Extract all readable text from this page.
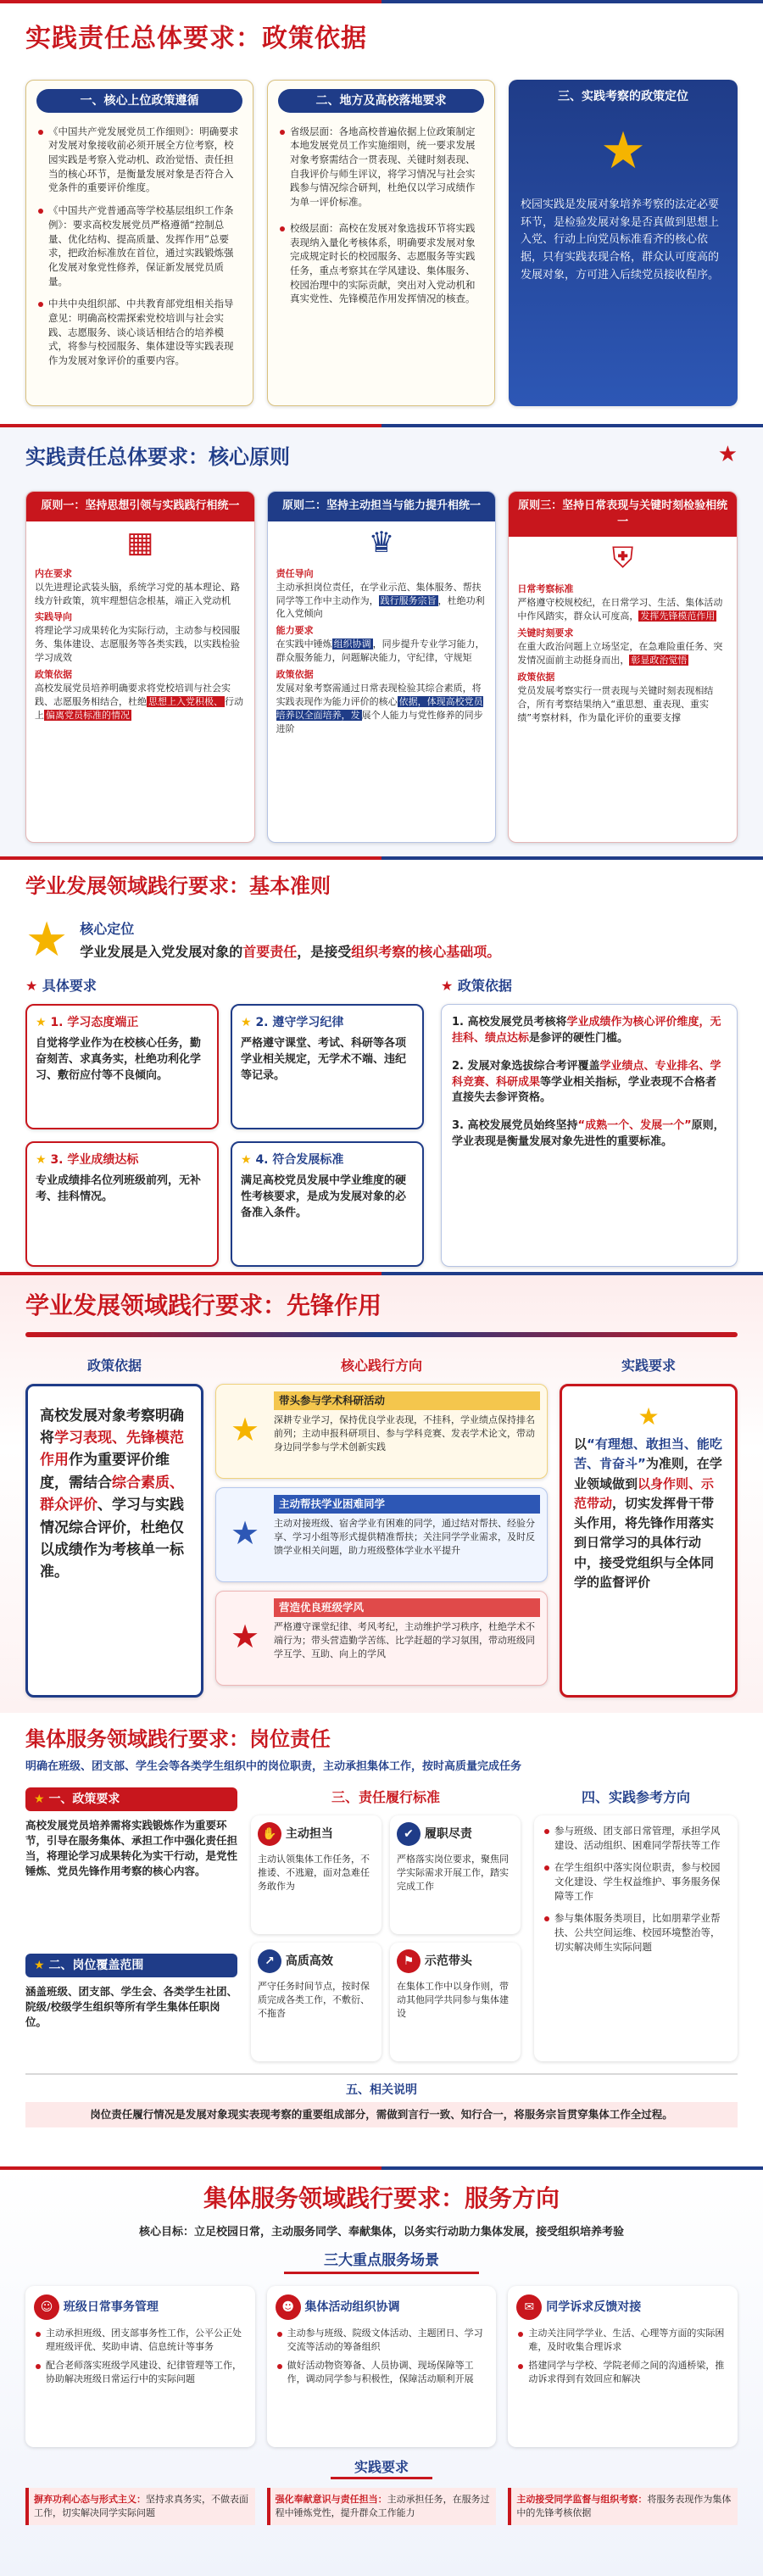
实践责任总体要求：政策依据
一、核心上位政策遵循
《中国共产党发展党员工作细则》：明确要求对发展对象接收前必须开展全方位考察，校园实践是考察入党动机、政治觉悟、责任担当的核心环节，是衡量发展对象是否符合入党条件的重要评价维度。
《中国共产党普通高等学校基层组织工作条例》：要求高校发展党员严格遵循“控制总量、优化结构、提高质量、发挥作用”总要求，把政治标准放在首位，通过实践锻炼强化发展对象党性修养，保证新发展党员质量。
中共中央组织部、中共教育部党组相关指导意见：明确高校需探索党校培训与社会实践、志愿服务、谈心谈话相结合的培养模式，将参与校园服务、集体建设等实践表现作为发展对象评价的重要内容。
二、地方及高校落地要求
省级层面：各地高校普遍依据上位政策制定本地发展党员工作实施细则，统一要求发展对象考察需结合一贯表现、关键时刻表现、自我评价与师生评议，将学习情况与社会实践参与情况综合研判，杜绝仅以学习成绩作为单一评价标准。
校级层面：高校在发展对象选拔环节将实践表现纳入量化考核体系，明确要求发展对象完成规定时长的校园服务、志愿服务等实践任务，重点考察其在学风建设、集体服务、校园治理中的实际贡献，突出对入党动机和真实党性、先锋模范作用发挥情况的核查。
三、实践考察的政策定位
★
校园实践是发展对象培养考察的法定必要环节，是检验发展对象是否真做到思想上入党、行动上向党员标准看齐的核心依据，只有实践表现合格，群众认可度高的发展对象，方可进入后续党员接收程序。
实践责任总体要求：核心原则	★
原则一：坚持思想引领与实践践行相统一
▦
内在要求
以先进理论武装头脑，系统学习党的基本理论、路线方针政策，筑牢理想信念根基，端正入党动机
实践导向
将理论学习成果转化为实际行动，主动参与校园服务、集体建设、志愿服务等各类实践，以实践检验学习成效
政策依据
高校发展党员培养明确要求将党校培训与社会实践、志愿服务相结合，杜绝 思想上入党积极、 行动上 偏离党员标准的情况
原则二：坚持主动担当与能力提升相统一
♛
责任导向
主动承担岗位责任，在学业示范、集体服务、帮扶同学等工作中主动作为， 践行服务宗旨 ，杜绝功利化入党倾向
能力要求
在实践中锤炼 组织协调 ，同步提升专业学习能力，群众服务能力，问题解决能力，守纪律，守规矩
政策依据
发展对象考察需通过日常表现检验其综合素质，将实践表现作为能力评价的核心 依据，体现高校党员培养以全面培养，发 展个人能力与党性修养的同步进阶
原则三：坚持日常表现与关键时刻检验相统一
⛨
日常考察标准
严格遵守校规校纪，在日常学习、生活、集体活动中作风踏实，群众认可度高， 发挥先锋模范作用
关键时刻要求
在重大政治问题上立场坚定，在急难险重任务、突发情况面前主动挺身而出， 彰显政治觉悟
政策依据
党员发展考察实行一贯表现与关键时刻表现相结合，所有考察结果纳入“重思想、重表现、重实绩”考察材料，作为量化评价的重要支撑
学业发展领域践行要求：基本准则
★ 核心定位
学业发展是入党发展对象的首要责任，是接受组织考察的核心基础项。
★ 具体要求
★ 1. 学习态度端正
自觉将学业作为在校核心任务，勤奋刻苦、求真务实，杜绝功利化学习、敷衍应付等不良倾向。
★ 2. 遵守学习纪律
严格遵守课堂、考试、科研等各项学业相关规定，无学术不端、违纪等记录。
★ 3. 学业成绩达标
专业成绩排名位列班级前列，无补考、挂科情况。
★ 4. 符合发展标准
满足高校党员发展中学业维度的硬性考核要求，是成为发展对象的必备准入条件。
★ 政策依据
1. 高校发展党员考核将学业成绩作为核心评价维度，无挂科、绩点达标是参评的硬性门槛。
2. 发展对象选拔综合考评覆盖学业绩点、专业排名、学科竞赛、科研成果等学业相关指标，学业表现不合格者直接失去参评资格。
3. 高校发展党员始终坚持“成熟一个、发展一个”原则，学业表现是衡量发展对象先进性的重要标准。
学业发展领域践行要求：先锋作用
政策依据
高校发展对象考察明确将学习表现、先锋模范作用作为重要评价维度，需结合综合素质、群众评价、学习与实践情况综合评价，杜绝仅以成绩作为考核单一标准。
核心践行方向
★
带头参与学术科研活动
深耕专业学习，保持优良学业表现，不挂科，学业绩点保持排名前列；主动申报科研项目、参与学科竞赛、发表学术论文，带动身边同学参与学术创新实践
★
主动帮扶学业困难同学
主动对接班级、宿舍学业有困难的同学，通过结对帮扶、经验分享、学习小组等形式提供精准帮扶；关注同学学业需求，及时反馈学业相关问题，助力班级整体学业水平提升
★
营造优良班级学风
严格遵守课堂纪律、考风考纪，主动维护学习秩序，杜绝学术不端行为；带头营造勤学苦练、比学赶超的学习氛围，带动班级同学互学、互助、向上的学风
实践要求
★
以“有理想、敢担当、能吃苦、肯奋斗”为准则，在学业领域做到以身作则、示范带动，切实发挥骨干带头作用，将先锋作用落实到日常学习的具体行动中，接受党组织与全体同学的监督评价
集体服务领域践行要求：岗位责任
明确在班级、团支部、学生会等各类学生组织中的岗位职责，主动承担集体工作，按时高质量完成任务
★ 一、政策要求
高校发展党员培养需将实践锻炼作为重要环节，引导在服务集体、承担工作中强化责任担当，将理论学习成果转化为实干行动，是党性锤炼、党员先锋作用考察的核心内容。
★ 二、岗位覆盖范围
涵盖班级、团支部、学生会、各类学生社团、院级/校级学生组织等所有学生集体任职岗位。
三、责任履行标准
✋ 主动担当
主动认领集体工作任务，不推诿、不逃避，面对急难任务敢作为
✔ 履职尽责
严格落实岗位要求，聚焦同学实际需求开展工作，踏实完成工作
↗ 高质高效
严守任务时间节点，按时保质完成各类工作，不敷衍、不拖沓
⚑ 示范带头
在集体工作中以身作则，带动其他同学共同参与集体建设
四、实践参考方向
参与班级、团支部日常管理，承担学风建设、活动组织、困难同学帮扶等工作
在学生组织中落实岗位职责，参与校园文化建设、学生权益维护、事务服务保障等工作
参与集体服务类项目，比如朋辈学业帮扶、公共空间运维、校园环境整治等，切实解决师生实际问题
五、相关说明
岗位责任履行情况是发展对象现实表现考察的重要组成部分，需做到言行一致、知行合一，将服务宗旨贯穿集体工作全过程。
集体服务领域践行要求：服务方向
核心目标：立足校园日常，主动服务同学、奉献集体，以务实行动助力集体发展，接受组织培养考验
三大重点服务场景
☺ 班级日常事务管理
主动承担班级、团支部事务性工作，公平公正处理班级评优、奖助申请、信息统计等事务
配合老师落实班级学风建设、纪律管理等工作，协助解决班级日常运行中的实际问题
☻ 集体活动组织协调
主动参与班级、院级文体活动、主题团日、学习交流等活动的筹备组织
做好活动物资筹备、人员协调、现场保障等工作，调动同学参与积极性，保障活动顺利开展
✉ 同学诉求反馈对接
主动关注同学学业、生活、心理等方面的实际困难，及时收集合理诉求
搭建同学与学校、学院老师之间的沟通桥梁，推动诉求得到有效回应和解决
实践要求
摒弃功利心态与形式主义：坚持求真务实，不做表面工作，切实解决同学实际问题
强化奉献意识与责任担当：主动承担任务，在服务过程中锤炼党性，提升群众工作能力
主动接受同学监督与组织考察：将服务表现作为集体中的先锋考核依据
